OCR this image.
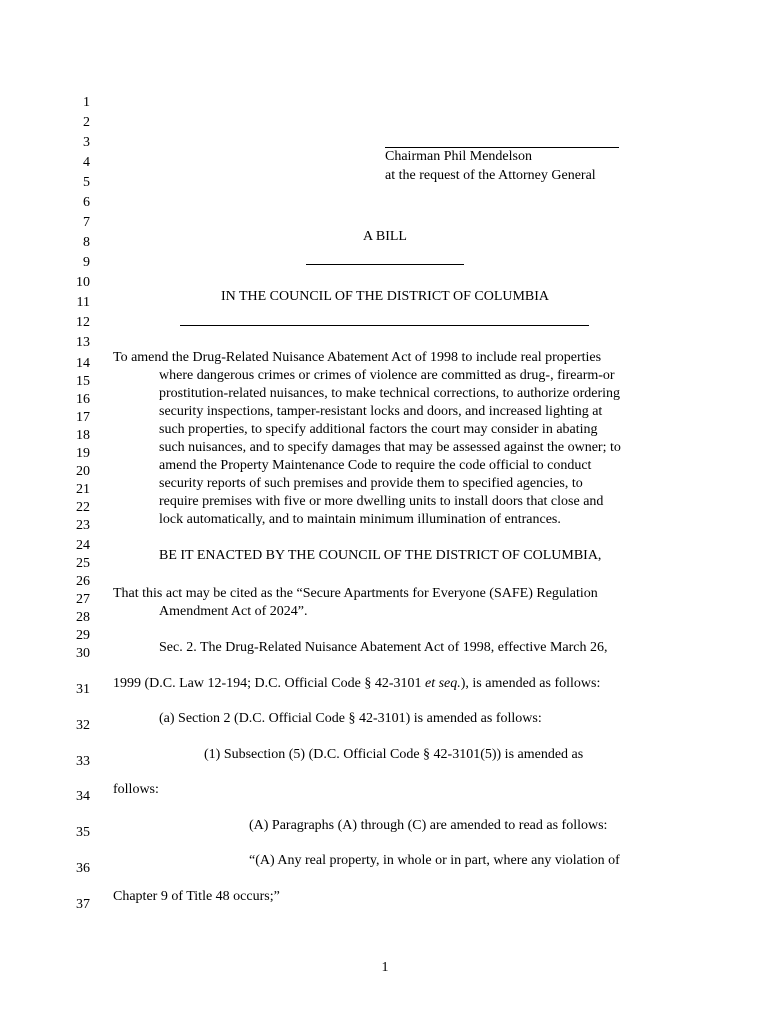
1
2
3
4
5
6
7
8
9
10
11
12
13
14
15
16
17
18
19
20
21
22
23
24
25
26
27
28
29
30
31
32
33
34
35
36
37
Chairman Phil Mendelson
at the request of the Attorney General
A BILL
IN THE COUNCIL OF THE DISTRICT OF COLUMBIA
To amend the Drug-Related Nuisance Abatement Act of 1998 to include real properties
where dangerous crimes or crimes of violence are committed as drug-, firearm-or
prostitution-related nuisances, to make technical corrections, to authorize ordering
security inspections, tamper-resistant locks and doors, and increased lighting at
such properties, to specify additional factors the court may consider in abating
such nuisances, and to specify damages that may be assessed against the owner; to
amend the Property Maintenance Code to require the code official to conduct
security reports of such premises and provide them to specified agencies, to
require premises with five or more dwelling units to install doors that close and
lock automatically, and to maintain minimum illumination of entrances.
BE IT ENACTED BY THE COUNCIL OF THE DISTRICT OF COLUMBIA,
That this act may be cited as the “Secure Apartments for Everyone (SAFE) Regulation
Amendment Act of 2024”.
Sec. 2. The Drug-Related Nuisance Abatement Act of 1998, effective March 26,
1999 (D.C. Law 12-194; D.C. Official Code § 42-3101 et seq.), is amended as follows:
(a) Section 2 (D.C. Official Code § 42-3101) is amended as follows:
(1) Subsection (5) (D.C. Official Code § 42-3101(5)) is amended as
follows:
(A) Paragraphs (A) through (C) are amended to read as follows:
“(A) Any real property, in whole or in part, where any violation of
Chapter 9 of Title 48 occurs;”
1
